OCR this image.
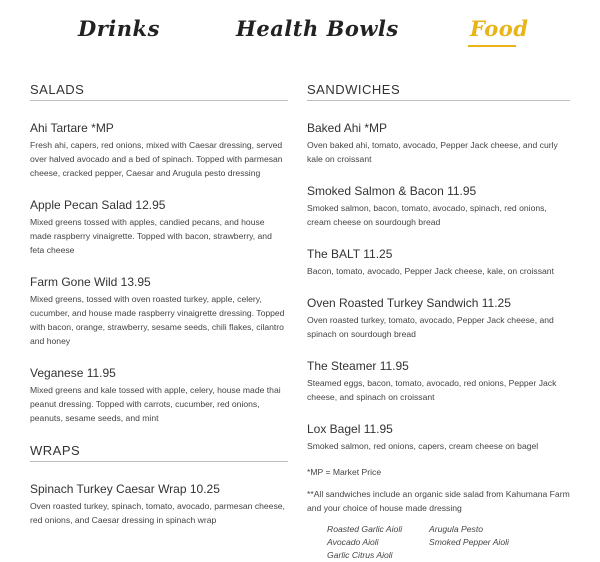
Drinks	Health Bowls	Food
SALADS
Ahi Tartare *MP
Fresh ahi, capers, red onions, mixed with Caesar dressing, served over halved avocado and a bed of spinach. Topped with parmesan cheese, cracked pepper, Caesar and Arugula pesto dressing
Apple Pecan Salad 12.95
Mixed greens tossed with apples, candied pecans, and house made raspberry vinaigrette. Topped with bacon, strawberry, and feta cheese
Farm Gone Wild 13.95
Mixed greens, tossed with oven roasted turkey, apple, celery, cucumber, and house made raspberry vinaigrette dressing. Topped with bacon, orange, strawberry, sesame seeds, chili flakes, cilantro and honey
Veganese 11.95
Mixed greens and kale tossed with apple, celery, house made thai peanut dressing. Topped with carrots, cucumber, red onions, peanuts, sesame seeds, and mint
WRAPS
Spinach Turkey Caesar Wrap 10.25
Oven roasted turkey, spinach, tomato, avocado, parmesan cheese, red onions, and Caesar dressing in spinach wrap
SANDWICHES
Baked Ahi *MP
Oven baked ahi, tomato, avocado, Pepper Jack cheese, and curly kale on croissant
Smoked Salmon & Bacon 11.95
Smoked salmon, bacon, tomato, avocado, spinach, red onions, cream cheese on sourdough bread
The BALT 11.25
Bacon, tomato, avocado, Pepper Jack cheese, kale, on croissant
Oven Roasted Turkey Sandwich 11.25
Oven roasted turkey, tomato, avocado, Pepper Jack cheese, and spinach on sourdough bread
The Steamer 11.95
Steamed eggs, bacon, tomato, avocado, red onions, Pepper Jack cheese, and spinach on croissant
Lox Bagel 11.95
Smoked salmon, red onions, capers, cream cheese on bagel
*MP = Market Price
**All sandwiches include an organic side salad from Kahumana Farm and your choice of house made dressing
Roasted Garlic Aioli
Avocado Aioli
Garlic Citrus Aioli
Arugula Pesto
Smoked Pepper Aioli
